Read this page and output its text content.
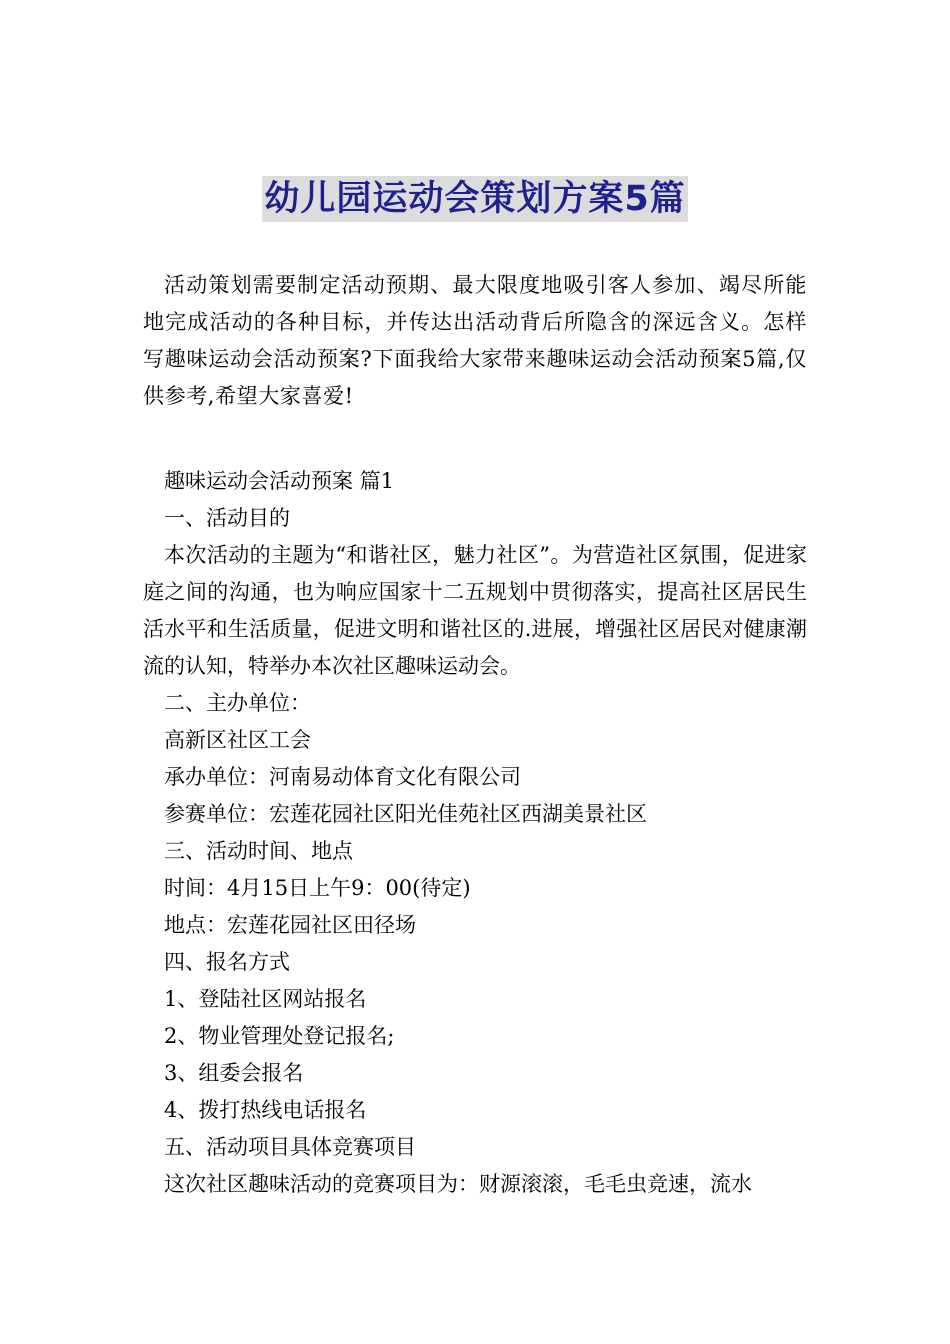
幼儿园运动会策划方案5篇

活动策划需要制定活动预期、最大限度地吸引客人参加、竭尽所能地完成活动的各种目标，并传达出活动背后所隐含的深远含义。怎样写趣味运动会活动预案?下面我给大家带来趣味运动会活动预案5篇,仅供参考,希望大家喜爱!

趣味运动会活动预案 篇1

一、活动目的

本次活动的主题为“和谐社区，魅力社区”。为营造社区氛围，促进家庭之间的沟通，也为响应国家十二五规划中贯彻落实，提高社区居民生活水平和生活质量，促进文明和谐社区的.进展，增强社区居民对健康潮流的认知，特举办本次社区趣味运动会。

二、主办单位：

高新区社区工会

承办单位：河南易动体育文化有限公司

参赛单位：宏莲花园社区阳光佳苑社区西湖美景社区

三、活动时间、地点

时间：4月15日上午9：00(待定)

地点：宏莲花园社区田径场

四、报名方式

1、登陆社区网站报名

2、物业管理处登记报名;

3、组委会报名

4、拨打热线电话报名

五、活动项目具体竞赛项目

这次社区趣味活动的竞赛项目为：财源滚滚，毛毛虫竞速，流水
